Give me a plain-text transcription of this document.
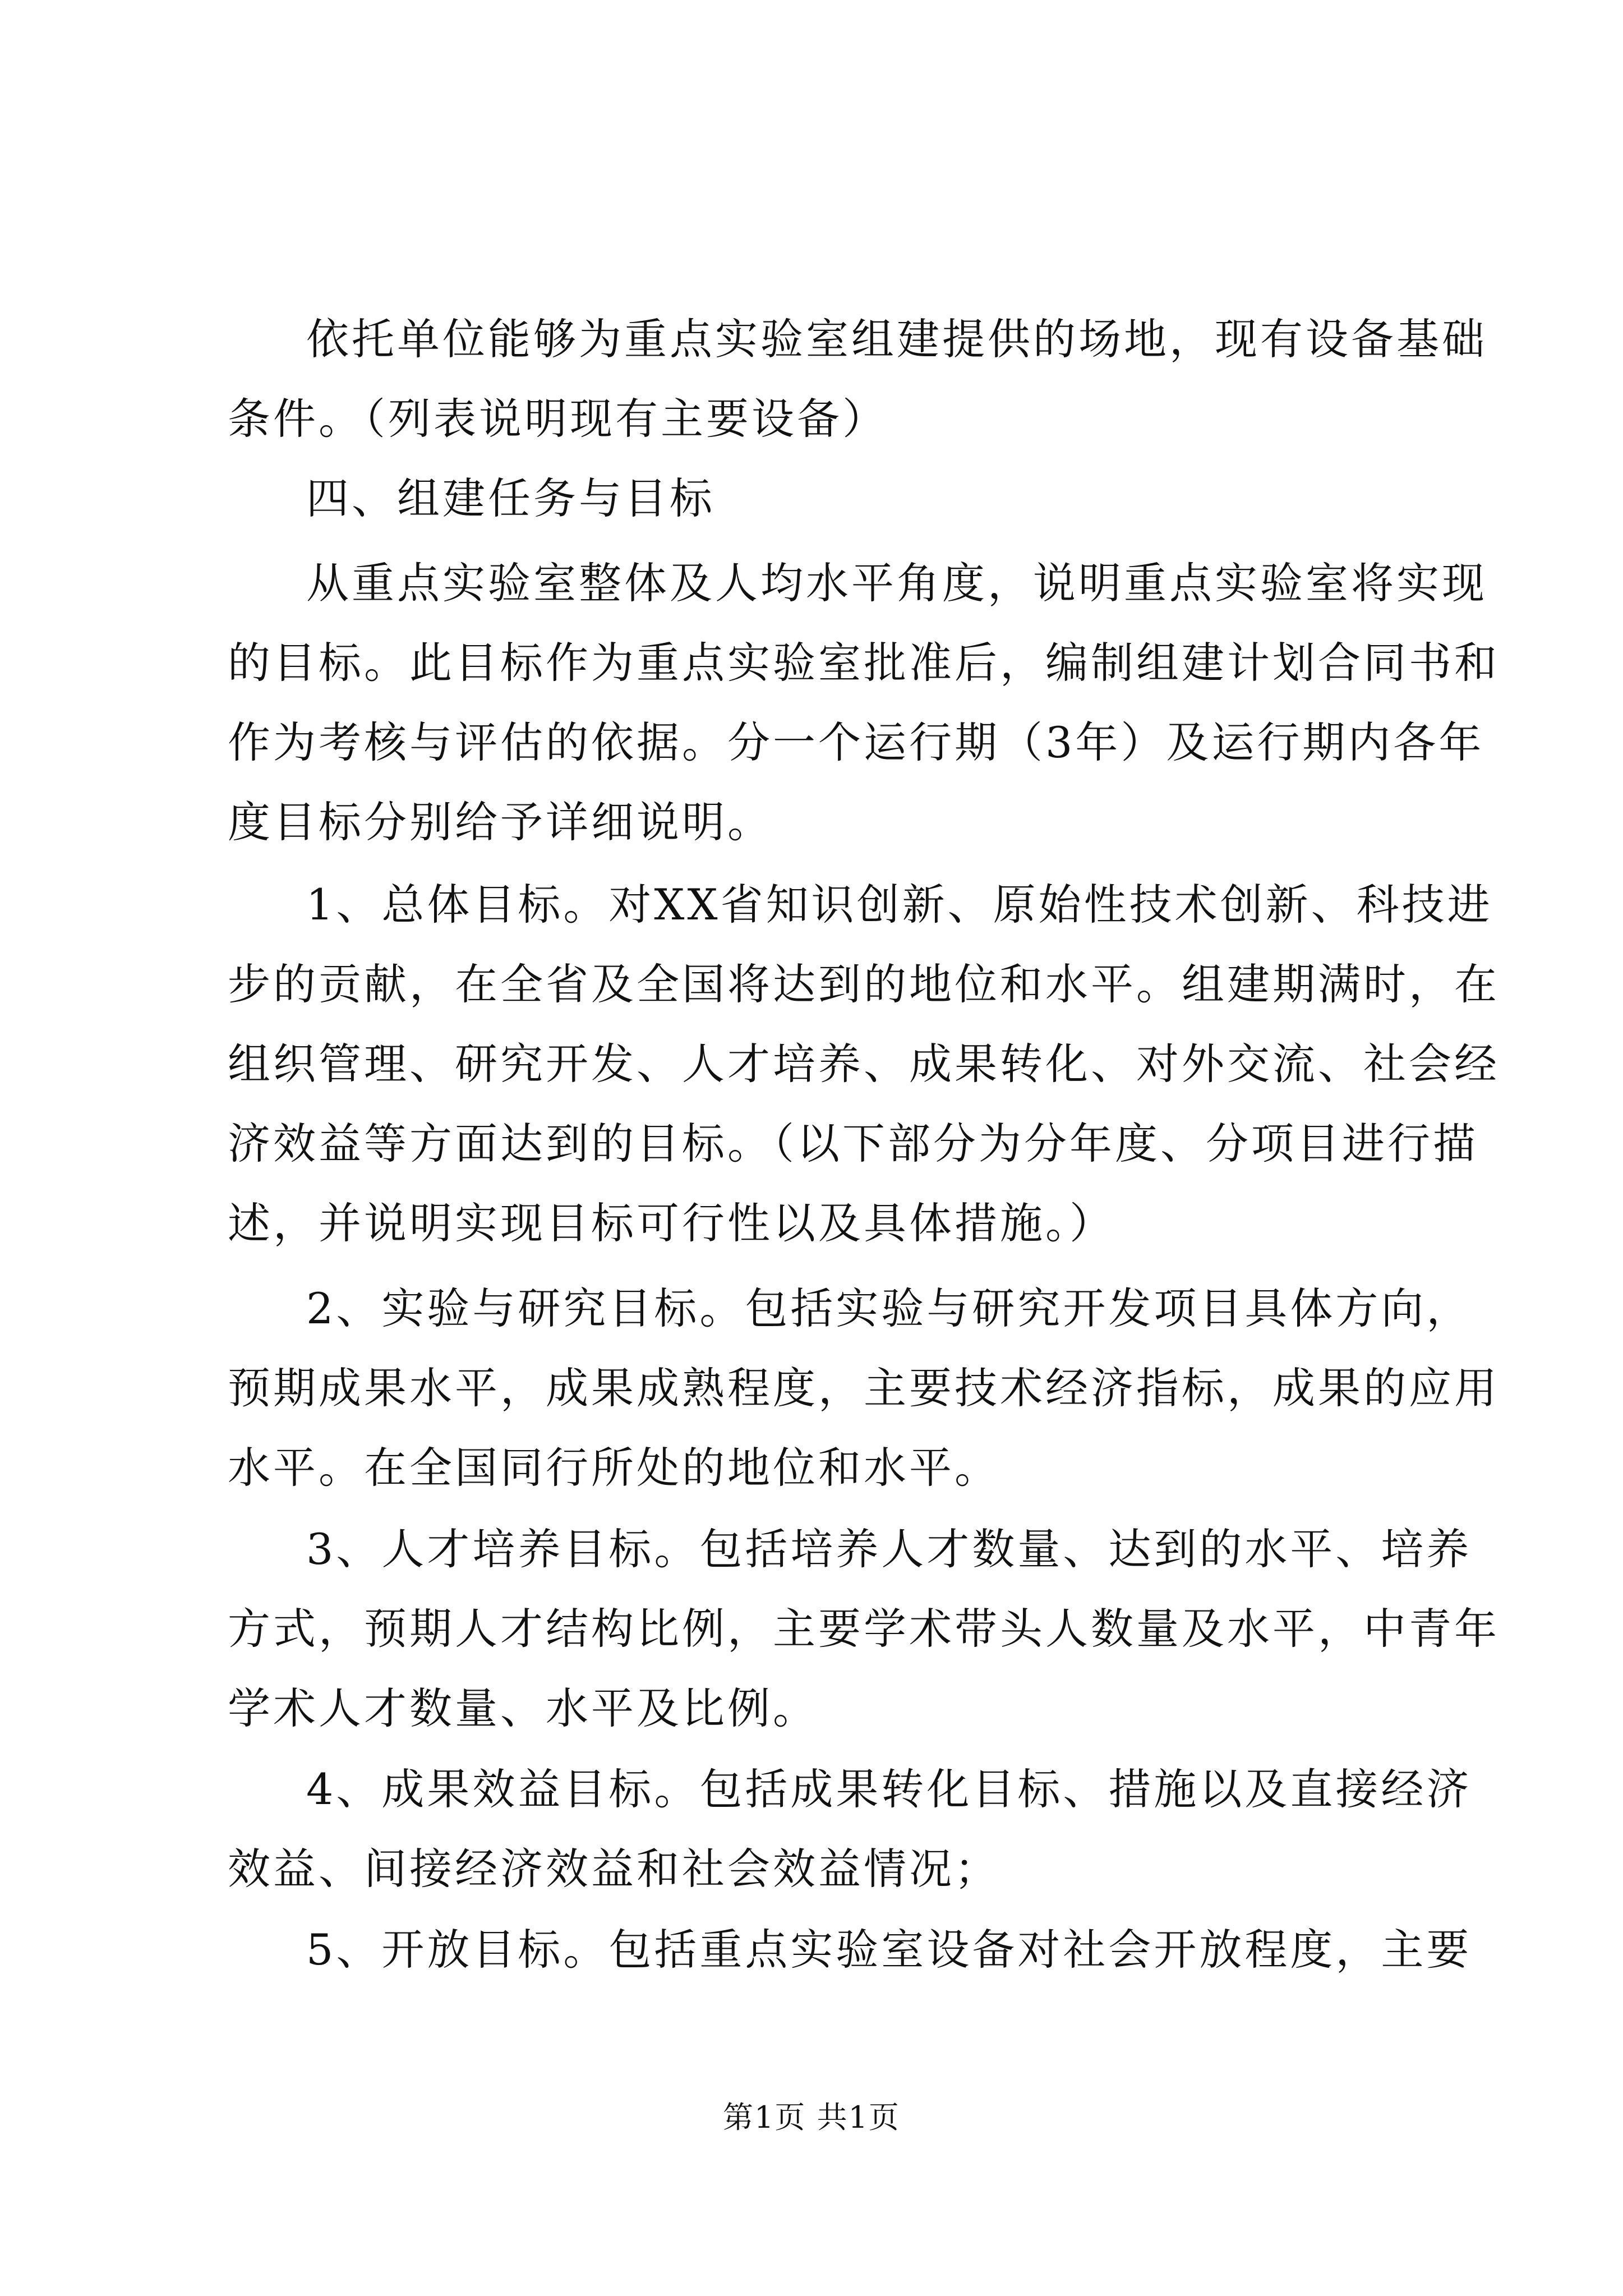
依托单位能够为重点实验室组建提供的场地，现有设备基础
条件。（列表说明现有主要设备）
四、组建任务与目标
从重点实验室整体及人均水平角度，说明重点实验室将实现
的目标。此目标作为重点实验室批准后，编制组建计划合同书和
作为考核与评估的依据。分一个运行期（3年）及运行期内各年
度目标分别给予详细说明。
1、总体目标。对XX省知识创新、原始性技术创新、科技进
步的贡献，在全省及全国将达到的地位和水平。组建期满时，在
组织管理、研究开发、人才培养、成果转化、对外交流、社会经
济效益等方面达到的目标。（以下部分为分年度、分项目进行描
述，并说明实现目标可行性以及具体措施。）
2、实验与研究目标。包括实验与研究开发项目具体方向，
预期成果水平，成果成熟程度，主要技术经济指标，成果的应用
水平。在全国同行所处的地位和水平。
3、人才培养目标。包括培养人才数量、达到的水平、培养
方式，预期人才结构比例，主要学术带头人数量及水平，中青年
学术人才数量、水平及比例。
4、成果效益目标。包括成果转化目标、措施以及直接经济
效益、间接经济效益和社会效益情况；
5、开放目标。包括重点实验室设备对社会开放程度，主要
第1页 共1页
